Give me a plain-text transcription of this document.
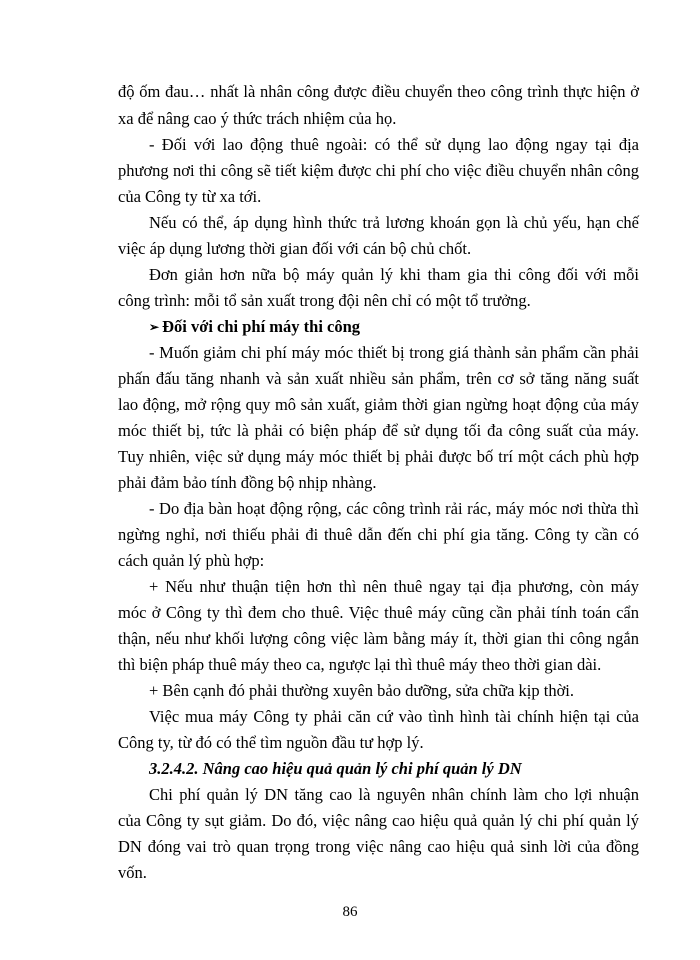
độ ốm đau… nhất là nhân công được điều chuyển theo công trình thực hiện ở
xa để nâng cao ý thức trách nhiệm của họ.
- Đối với lao động thuê ngoài: có thể sử dụng lao động ngay tại địa
phương nơi thi công sẽ tiết kiệm được chi phí cho việc điều chuyển nhân công
của Công ty từ xa tới.
Nếu có thể, áp dụng hình thức trả lương khoán gọn là chủ yếu, hạn chế
việc áp dụng lương thời gian đối với cán bộ chủ chốt.
Đơn giản hơn nữa bộ máy quản lý khi tham gia thi công đối với mỗi
công trình: mỗi tổ sản xuất trong đội nên chỉ có một tổ trưởng.
➢ Đối với chi phí máy thi công
- Muốn giảm chi phí máy móc thiết bị trong giá thành sản phẩm cần phải
phấn đấu tăng nhanh và sản xuất nhiều sản phẩm, trên cơ sở tăng năng suất
lao động, mở rộng quy mô sản xuất, giảm thời gian ngừng hoạt động của máy
móc thiết bị, tức là phải có biện pháp để sử dụng tối đa công suất của máy.
Tuy nhiên, việc sử dụng máy móc thiết bị phải được bố trí một cách phù hợp
phải đảm bảo tính đồng bộ nhịp nhàng.
- Do địa bàn hoạt động rộng, các công trình rải rác, máy móc nơi thừa thì
ngừng nghỉ, nơi thiếu phải đi thuê dẫn đến chi phí gia tăng. Công ty cần có
cách quản lý phù hợp:
+ Nếu như thuận tiện hơn thì nên thuê ngay tại địa phương, còn máy
móc ở Công ty thì đem cho thuê. Việc thuê máy cũng cần phải tính toán cẩn
thận, nếu như khối lượng công việc làm bằng máy ít, thời gian thi công ngắn
thì biện pháp thuê máy theo ca, ngược lại thì thuê máy theo thời gian dài.
+ Bên cạnh đó phải thường xuyên bảo dưỡng, sửa chữa kịp thời.
Việc mua máy Công ty phải căn cứ vào tình hình tài chính hiện tại của
Công ty, từ đó có thể tìm nguồn đầu tư hợp lý.
3.2.4.2. Nâng cao hiệu quả quản lý chi phí quản lý DN
Chi phí quản lý DN tăng cao là nguyên nhân chính làm cho lợi nhuận
của Công ty sụt giảm. Do đó, việc nâng cao hiệu quả quản lý chi phí quản lý
DN đóng vai trò quan trọng trong việc nâng cao hiệu quả sinh lời của đồng
vốn.
86
